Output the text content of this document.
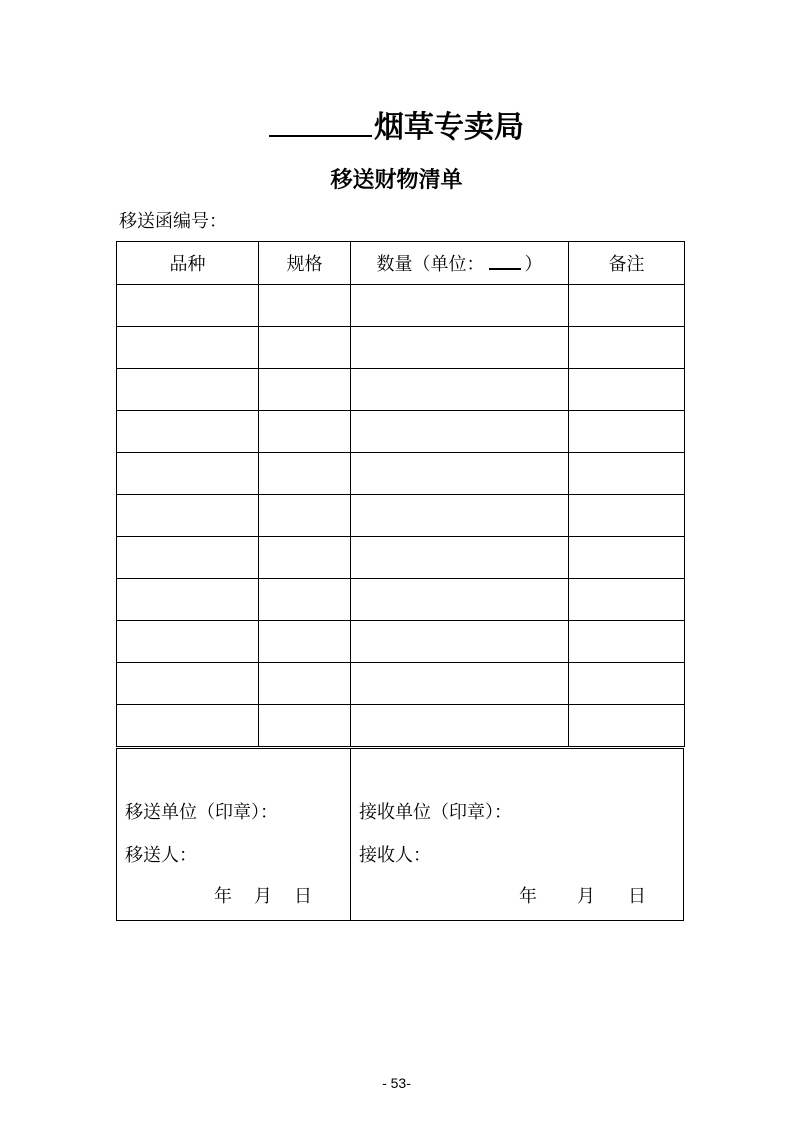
烟草专卖局
移送财物清单
移送函编号：
品种	规格	数量（单位： ）	备注

移送单位（印章）：
移送人：
年 月 日
接收单位（印章）：
接收人：
年 月 日
- 53-
